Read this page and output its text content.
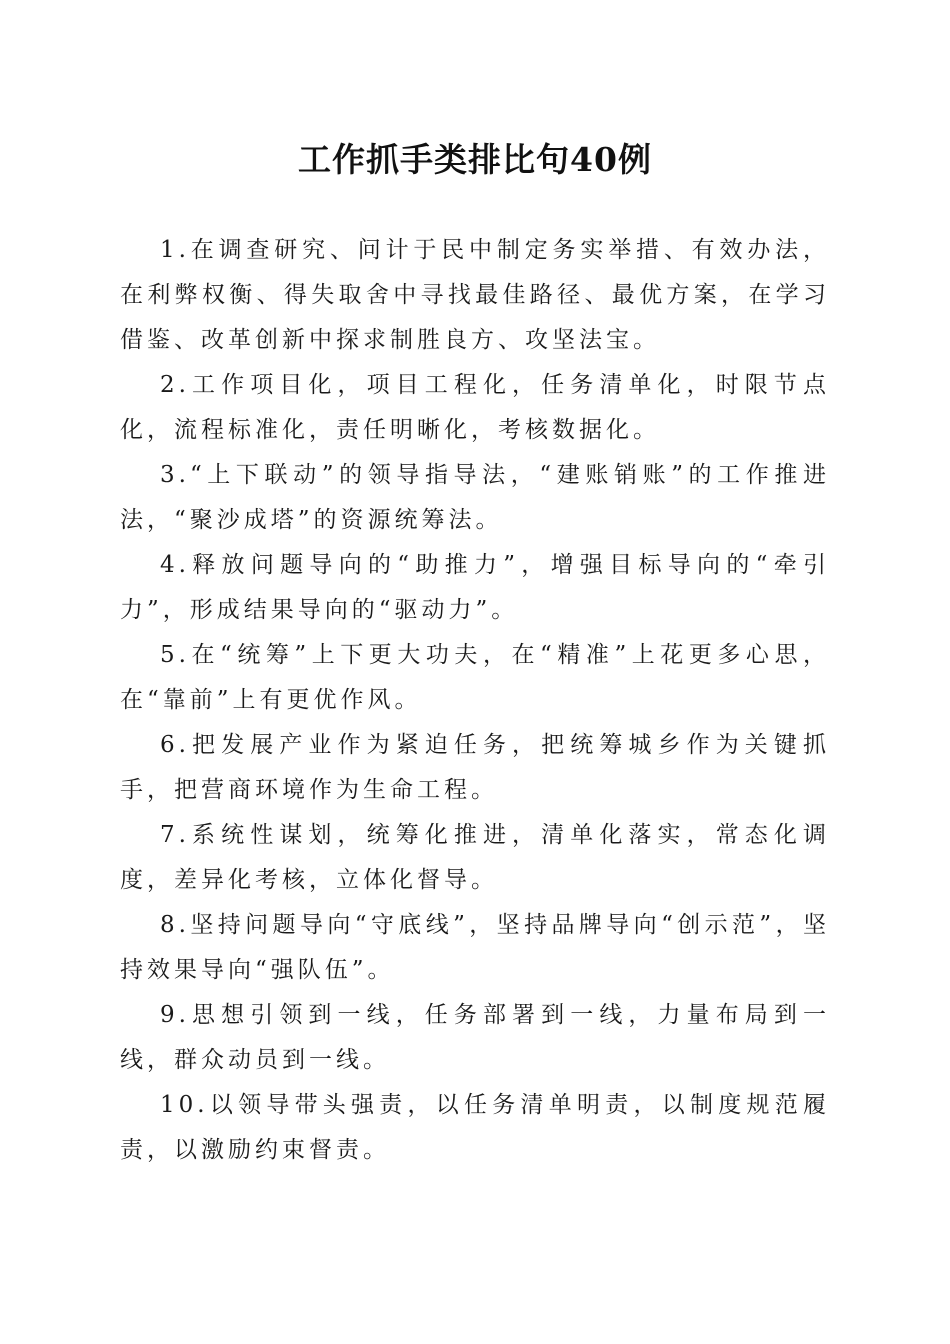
工作抓手类排比句40例

1.在调查研究、问计于民中制定务实举措、有效办法，在利弊权衡、得失取舍中寻找最佳路径、最优方案，在学习借鉴、改革创新中探求制胜良方、攻坚法宝。

2.工作项目化，项目工程化，任务清单化，时限节点化，流程标准化，责任明晰化，考核数据化。

3.“上下联动”的领导指导法，“建账销账”的工作推进法，“聚沙成塔”的资源统筹法。

4.释放问题导向的“助推力”，增强目标导向的“牵引力”，形成结果导向的“驱动力”。

5.在“统筹”上下更大功夫，在“精准”上花更多心思，在“靠前”上有更优作风。

6.把发展产业作为紧迫任务，把统筹城乡作为关键抓手，把营商环境作为生命工程。

7.系统性谋划，统筹化推进，清单化落实，常态化调度，差异化考核，立体化督导。

8.坚持问题导向“守底线”，坚持品牌导向“创示范”，坚持效果导向“强队伍”。

9.思想引领到一线，任务部署到一线，力量布局到一线，群众动员到一线。

10.以领导带头强责，以任务清单明责，以制度规范履责，以激励约束督责。
